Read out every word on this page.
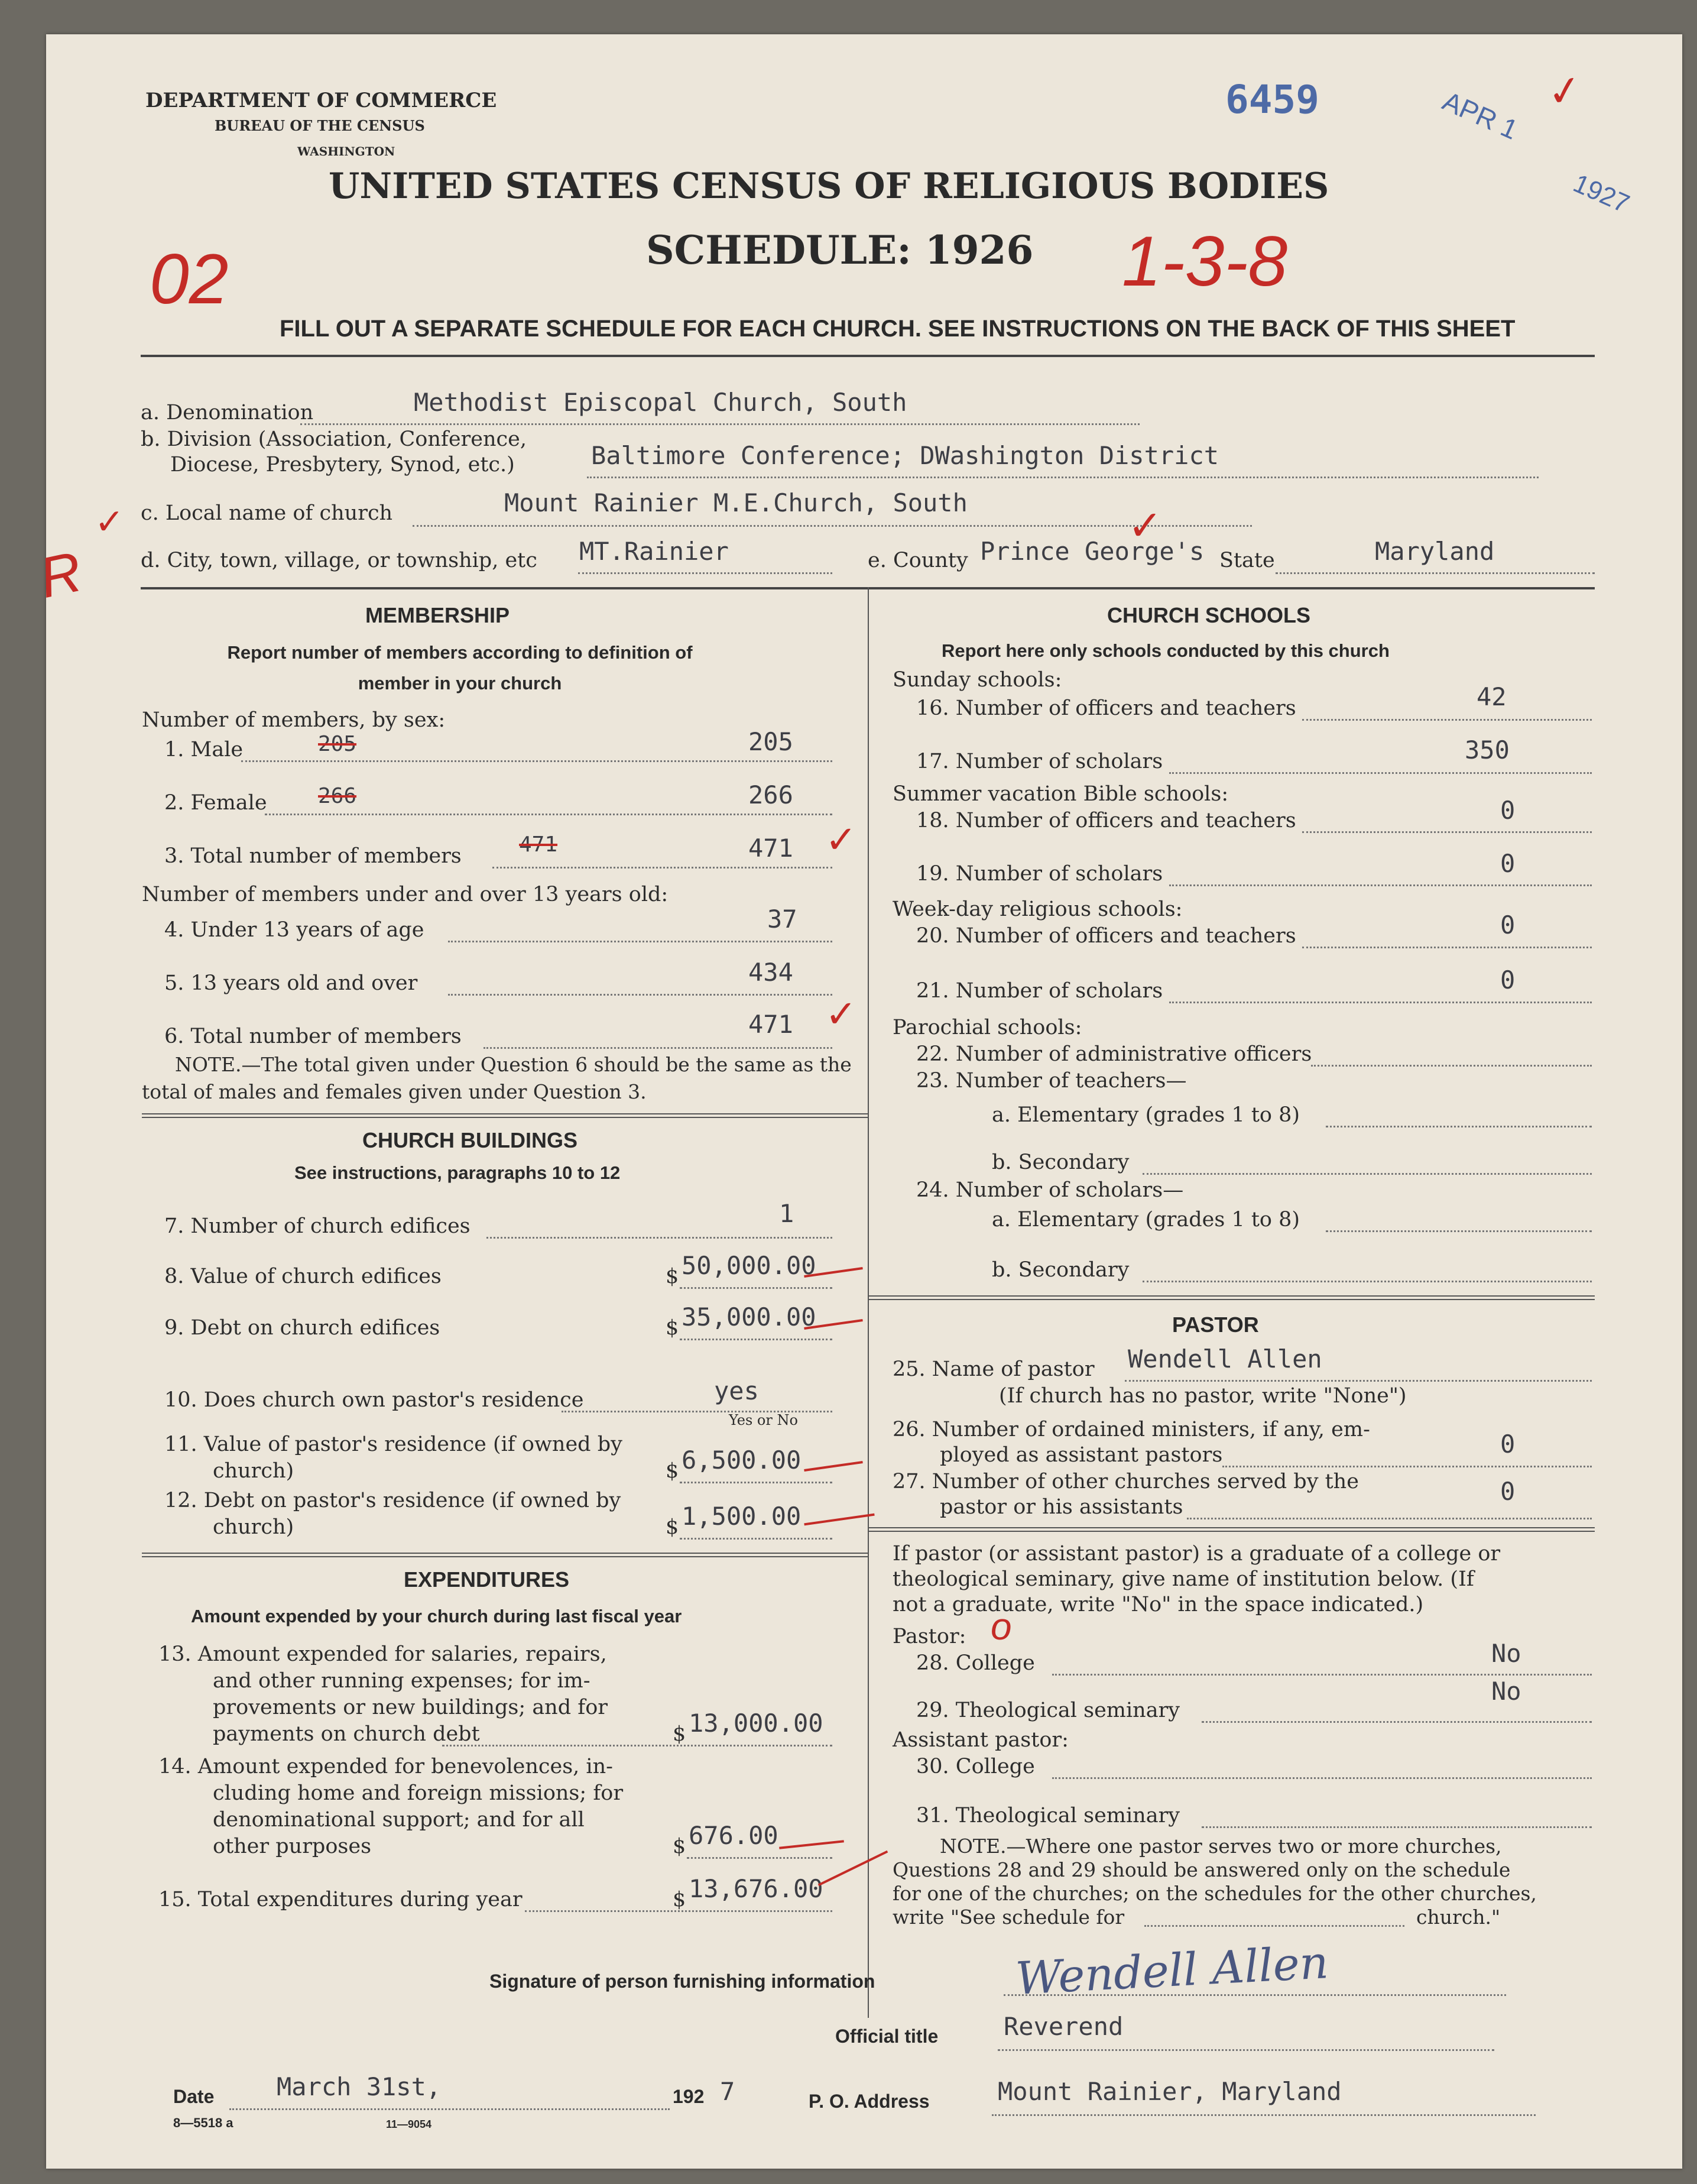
DEPARTMENT OF COMMERCE
BUREAU OF THE CENSUS
WASHINGTON
UNITED STATES CENSUS OF RELIGIOUS BODIES
SCHEDULE: 1926
6459	APR 1
1927
✓
02	1-3-8
FILL OUT A SEPARATE SCHEDULE FOR EACH CHURCH. SEE INSTRUCTIONS ON THE BACK OF THIS SHEET
R
✓
a. Denomination	Methodist Episcopal Church, South
b. Division (Association, Conference,
Diocese, Presbytery, Synod, etc.)	Baltimore Conference; DWashington District
c. Local name of church	Mount Rainier M.E.Church, South	✓
d. City, town, village, or township, etc MT.Rainier	e. County Prince George's State	Maryland
MEMBERSHIP
Report number of members according to definition of member in your church
Number of members, by sex:
1. Male	205	205
2. Female 266	266
3. Total number of members	471	471 ✓
Number of members under and over 13 years old:
4. Under 13 years of age	37
5. 13 years old and over	434
6. Total number of members	471 ✓
NOTE.—The total given under Question 6 should be the same as the total of males and females given under Question 3.
CHURCH BUILDINGS
See instructions, paragraphs 10 to 12
7. Number of church edifices	1
8. Value of church edifices	$ 50,000.00
9. Debt on church edifices	$ 35,000.00
10. Does church own pastor's residence	yes
Yes or No
11. Value of pastor's residence (if owned by
church)	$ 6,500.00
12. Debt on pastor's residence (if owned by
church)	$ 1,500.00
EXPENDITURES
Amount expended by your church during last fiscal year
13. Amount expended for salaries, repairs,
and other running expenses; for im-
provements or new buildings; and for
payments on church debt	$ 13,000.00
14. Amount expended for benevolences, in-
cluding home and foreign missions; for
denominational support; and for all
other purposes	$ 676.00
15. Total expenditures during year	$ 13,676.00
CHURCH SCHOOLS
Report here only schools conducted by this church
Sunday schools:
16. Number of officers and teachers	42
17. Number of scholars	350
Summer vacation Bible schools:
18. Number of officers and teachers	0
19. Number of scholars	0
Week-day religious schools:
20. Number of officers and teachers	0
21. Number of scholars	0
Parochial schools:
22. Number of administrative officers
23. Number of teachers—
a. Elementary (grades 1 to 8)
b. Secondary
24. Number of scholars—
a. Elementary (grades 1 to 8)
b. Secondary
PASTOR
25. Name of pastor Wendell Allen
(If church has no pastor, write "None")
26. Number of ordained ministers, if any, em-
ployed as assistant pastors	0
27. Number of other churches served by the
pastor or his assistants
0
If pastor (or assistant pastor) is a graduate of a college or
theological seminary, give name of institution below. (If
not a graduate, write "No" in the space indicated.)
Pastor: o
28. College	No
29. Theological seminary
No
Assistant pastor:
30. College
31. Theological seminary
NOTE.—Where one pastor serves two or more churches,
Questions 28 and 29 should be answered only on the schedule
for one of the churches; on the schedules for the other churches,
write "See schedule for	church."
Signature of person furnishing information	Wendell Allen
Official title	Reverend
Date	March 31st,	192 7	P. O. Address	Mount Rainier, Maryland
8—5518 a	11—9054
